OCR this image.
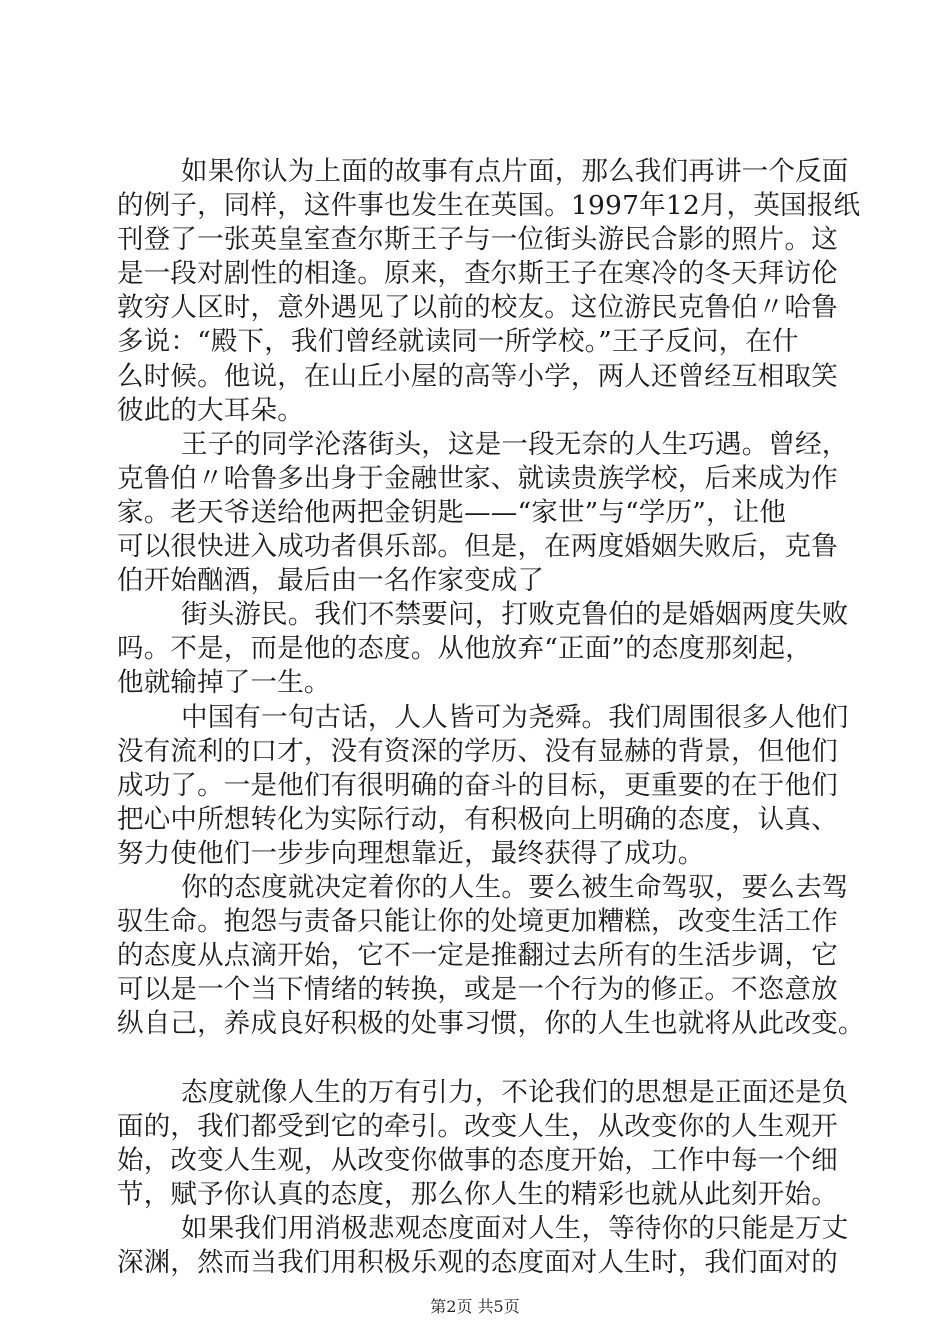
如果你认为上面的故事有点片面，那么我们再讲一个反面
的例子，同样，这件事也发生在英国。1997年12月，英国报纸
刊登了一张英皇室查尔斯王子与一位街头游民合影的照片。这
是一段对剧性的相逢。原来，查尔斯王子在寒冷的冬天拜访伦
敦穷人区时，意外遇见了以前的校友。这位游民克鲁伯〃哈鲁
多说：“殿下，我们曾经就读同一所学校。”王子反问，在什
么时候。他说，在山丘小屋的高等小学，两人还曾经互相取笑
彼此的大耳朵。
王子的同学沦落街头，这是一段无奈的人生巧遇。曾经，
克鲁伯〃哈鲁多出身于金融世家、就读贵族学校，后来成为作
家。老天爷送给他两把金钥匙——“家世”与“学历”，让他
可以很快进入成功者俱乐部。但是，在两度婚姻失败后，克鲁
伯开始酗酒，最后由一名作家变成了
街头游民。我们不禁要问，打败克鲁伯的是婚姻两度失败
吗。不是，而是他的态度。从他放弃“正面”的态度那刻起，
他就输掉了一生。
中国有一句古话，人人皆可为尧舜。我们周围很多人他们
没有流利的口才，没有资深的学历、没有显赫的背景，但他们
成功了。一是他们有很明确的奋斗的目标，更重要的在于他们
把心中所想转化为实际行动，有积极向上明确的态度，认真、
努力使他们一步步向理想靠近，最终获得了成功。
你的态度就决定着你的人生。要么被生命驾驭，要么去驾
驭生命。抱怨与责备只能让你的处境更加糟糕，改变生活工作
的态度从点滴开始，它不一定是推翻过去所有的生活步调，它
可以是一个当下情绪的转换，或是一个行为的修正。不恣意放
纵自己，养成良好积极的处事习惯，你的人生也就将从此改变。
态度就像人生的万有引力，不论我们的思想是正面还是负
面的，我们都受到它的牵引。改变人生，从改变你的人生观开
始，改变人生观，从改变你做事的态度开始，工作中每一个细
节，赋予你认真的态度，那么你人生的精彩也就从此刻开始。
如果我们用消极悲观态度面对人生，等待你的只能是万丈
深渊，然而当我们用积极乐观的态度面对人生时，我们面对的
第2页 共5页
